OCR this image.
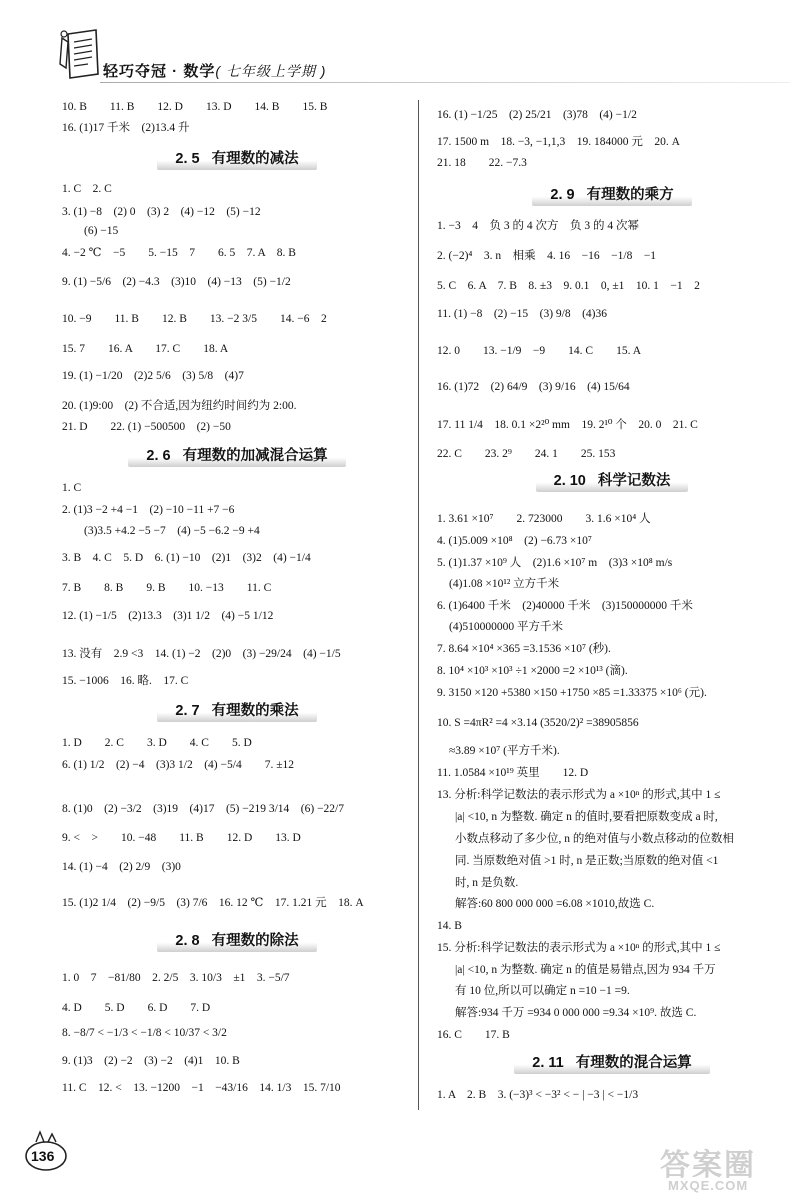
轻巧夺冠 · 数学( 七年级上学期 )
10. B　　11. B　　12. D　　13. D　　14. B　　15. B
16. (1)17 千米　(2)13.4 升
2. 5 有理数的减法
1. C　2. C
3. (1) −8　(2) 0　(3) 2　(4) −12　(5) −12
(6) −15
4. −2 ℃　−5　　5. −15　7　　6. 5　7. A　8. B
9. (1) −5/6　(2) −4.3　(3)10　(4) −13　(5) −1/2
10. −9　　11. B　　12. B　　13. −2 3/5　　14. −6　2
15. 7　　16. A　　17. C　　18. A
19. (1) −1/20　(2)2 5/6　(3) 5/8　(4)7
20. (1)9:00　(2) 不合适,因为纽约时间约为 2:00.
21. D　　22. (1) −500500　(2) −50
2. 6 有理数的加减混合运算
1. C
2. (1)3 −2 +4 −1　(2) −10 −11 +7 −6
(3)3.5 +4.2 −5 −7　(4) −5 −6.2 −9 +4
3. B　4. C　5. D　6. (1) −10　(2)1　(3)2　(4) −1/4
7. B　　8. B　　9. B　　10. −13　　11. C
12. (1) −1/5　(2)13.3　(3)1 1/2　(4) −5 1/12
13. 没有　2.9 <3　14. (1) −2　(2)0　(3) −29/24　(4) −1/5
15. −1006　16. 略.　17. C
2. 7 有理数的乘法
1. D　　2. C　　3. D　　4. C　　5. D
6. (1) 1/2　(2) −4　(3)3 1/2　(4) −5/4　　7. ±12
8. (1)0　(2) −3/2　(3)19　(4)17　(5) −219 3/14　(6) −22/7
9. <　>　　10. −48　　11. B　　12. D　　13. D
14. (1) −4　(2) 2/9　(3)0
15. (1)2 1/4　(2) −9/5　(3) 7/6　16. 12 ℃　17. 1.21 元　18. A
2. 8 有理数的除法
1. 0　7　−81/80　2. 2/5　3. 10/3　±1　3. −5/7
4. D　　5. D　　6. D　　7. D
8. −8/7 < −1/3 < −1/8 < 10/37 < 3/2
9. (1)3　(2) −2　(3) −2　(4)1　10. B
11. C　12. <　13. −1200　−1　−43/16　14. 1/3　15. 7/10
16. (1) −1/25　(2) 25/21　(3)78　(4) −1/2
17. 1500 m　18. −3, −1,1,3　19. 184000 元　20. A
21. 18　　22. −7.3
2. 9 有理数的乘方
1. −3　4　负 3 的 4 次方　负 3 的 4 次幂
2. (−2)⁴　3. n　相乘　4. 16　−16　−1/8　−1
5. C　6. A　7. B　8. ±3　9. 0.1　0, ±1　10. 1　−1　2
11. (1) −8　(2) −15　(3) 9/8　(4)36
12. 0　　13. −1/9　−9　　14. C　　15. A
16. (1)72　(2) 64/9　(3) 9/16　(4) 15/64
17. 11 1/4　18. 0.1 ×2²⁰ mm　19. 2¹⁰ 个　20. 0　21. C
22. C　　23. 2⁹　　24. 1　　25. 153
2. 10 科学记数法
1. 3.61 ×10⁷　　2. 723000　　3. 1.6 ×10⁴ 人
4. (1)5.009 ×10⁸　(2) −6.73 ×10⁷
5. (1)1.37 ×10⁹ 人　(2)1.6 ×10⁷ m　(3)3 ×10⁸ m/s
(4)1.08 ×10¹² 立方千米
6. (1)6400 千米　(2)40000 千米　(3)150000000 千米
(4)510000000 平方千米
7. 8.64 ×10⁴ ×365 =3.1536 ×10⁷ (秒).
8. 10⁴ ×10³ ×10³ ÷1 ×2000 =2 ×10¹³ (滴).
9. 3150 ×120 +5380 ×150 +1750 ×85 =1.33375 ×10⁶ (元).
10. S =4πR² =4 ×3.14 (3520/2)² =38905856
≈3.89 ×10⁷ (平方千米).
11. 1.0584 ×10¹⁹ 英里　　12. D
13. 分析:科学记数法的表示形式为 a ×10ⁿ 的形式,其中 1 ≤
|a| <10, n 为整数. 确定 n 的值时,要看把原数变成 a 时,
小数点移动了多少位, n 的绝对值与小数点移动的位数相
同. 当原数绝对值 >1 时, n 是正数;当原数的绝对值 <1
时, n 是负数.
解答:60 800 000 000 =6.08 ×1010,故选 C.
14. B
15. 分析:科学记数法的表示形式为 a ×10ⁿ 的形式,其中 1 ≤
|a| <10, n 为整数. 确定 n 的值是易错点,因为 934 千万
有 10 位,所以可以确定 n =10 −1 =9.
解答:934 千万 =934 0 000 000 =9.34 ×10⁹. 故选 C.
16. C　　17. B
2. 11 有理数的混合运算
1. A　2. B　3. (−3)³ < −3² < − | −3 | < −1/3
136	答案圈
MXQE.COM
